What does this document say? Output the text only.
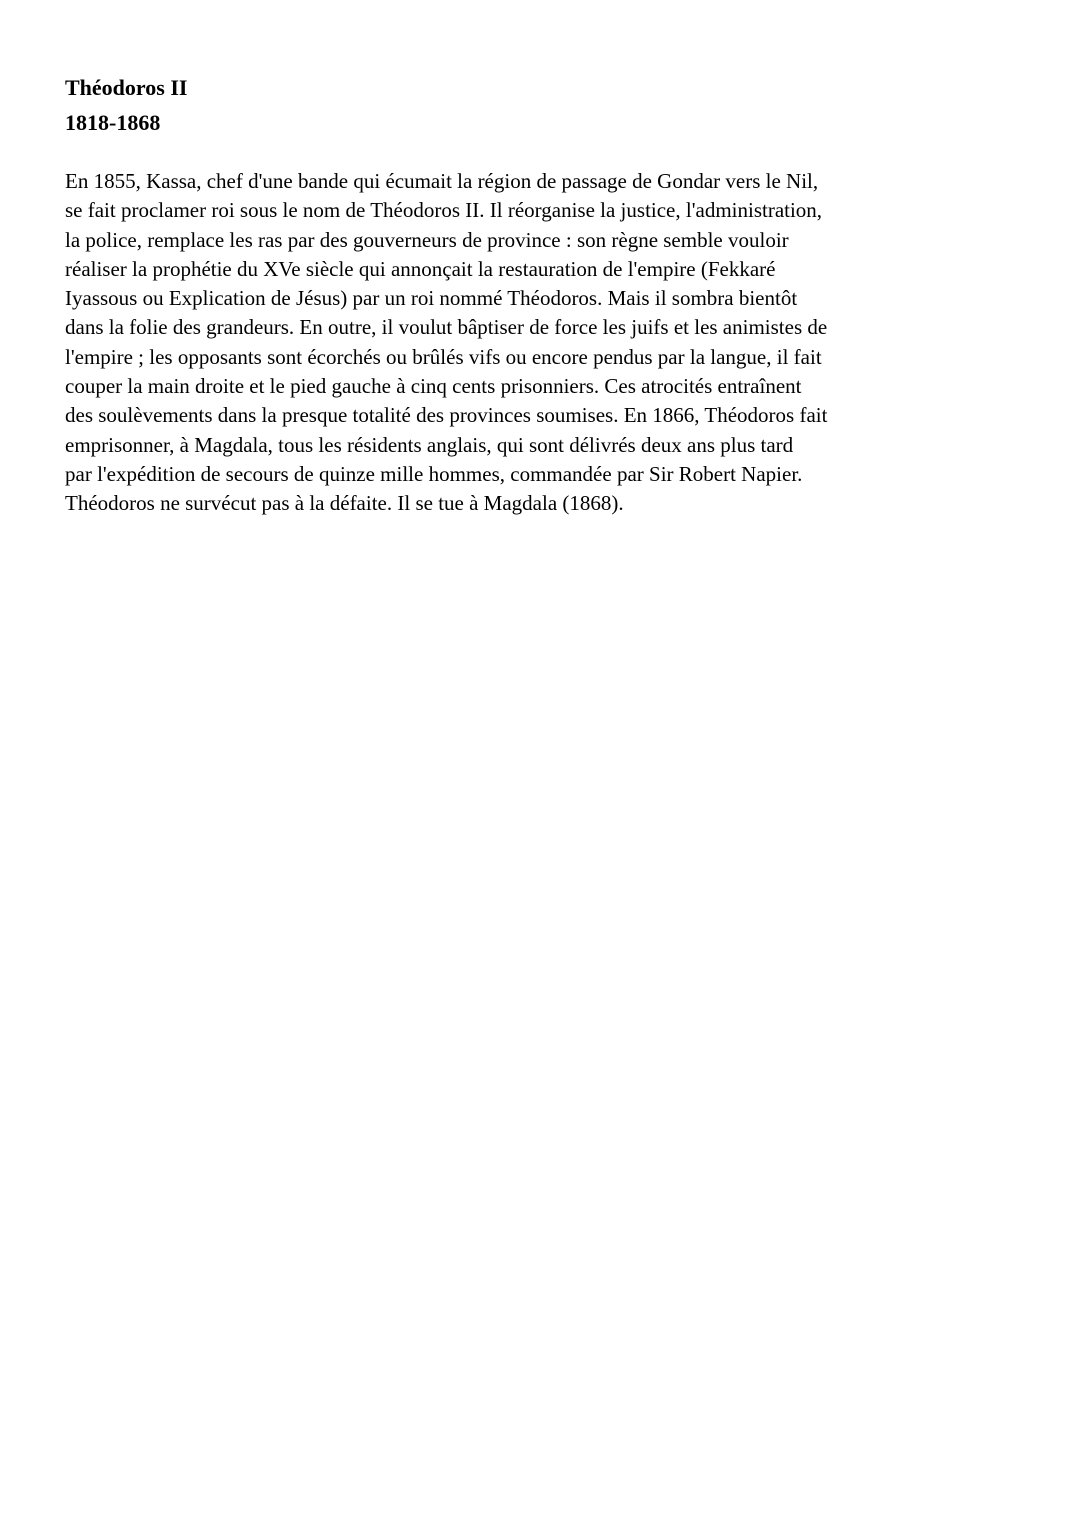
Théodoros II
1818-1868
En 1855, Kassa, chef d'une bande qui écumait la région de passage de Gondar vers le Nil,
se fait proclamer roi sous le nom de Théodoros II. Il réorganise la justice, l'administration,
la police, remplace les ras par des gouverneurs de province : son règne semble vouloir
réaliser la prophétie du XVe siècle qui annonçait la restauration de l'empire (Fekkaré
Iyassous ou Explication de Jésus) par un roi nommé Théodoros. Mais il sombra bientôt
dans la folie des grandeurs. En outre, il voulut bâptiser de force les juifs et les animistes de
l'empire ; les opposants sont écorchés ou brûlés vifs ou encore pendus par la langue, il fait
couper la main droite et le pied gauche à cinq cents prisonniers. Ces atrocités entraînent
des soulèvements dans la presque totalité des provinces soumises. En 1866, Théodoros fait
emprisonner, à Magdala, tous les résidents anglais, qui sont délivrés deux ans plus tard
par l'expédition de secours de quinze mille hommes, commandée par Sir Robert Napier.
Théodoros ne survécut pas à la défaite. Il se tue à Magdala (1868).
